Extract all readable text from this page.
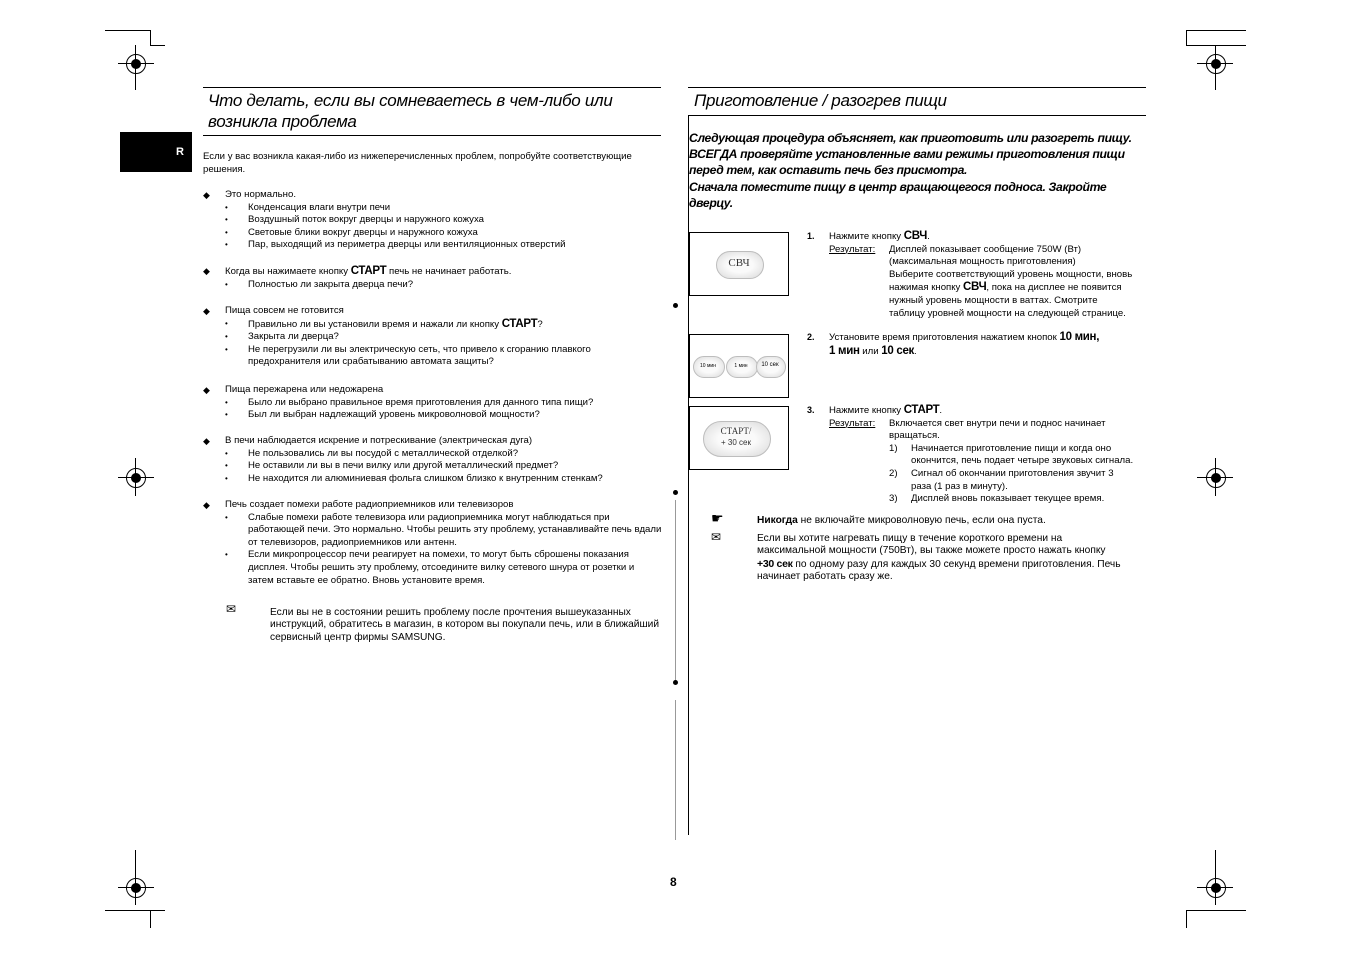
Что делать, если вы сомневаетесь в чем-либо или
возникла проблема
R Если у вас возникла какая-либо из нижеперечисленных проблем, попробуйте соответствующие решения.
◆ Это нормально.
• Конденсация влаги внутри печи
• Воздушный поток вокруг дверцы и наружного кожуха
• Световые блики вокруг дверцы и наружного кожуха
• Пар, выходящий из периметра дверцы или вентиляционных отверстий
◆ Когда вы нажимаете кнопку СТАРТ печь не начинает работать.
• Полностью ли закрыта дверца печи?
◆ Пища совсем не готовится
• Правильно ли вы установили время и нажали ли кнопку СТАРТ?
• Закрыта ли дверца?
• Не перегрузили ли вы электрическую сеть, что привело к сгоранию плавкого предохранителя или срабатыванию автомата защиты?
◆ Пища пережарена или недожарена
• Было ли выбрано правильное время приготовления для данного типа пищи?
• Был ли выбран надлежащий уровень микроволновой мощности?
◆ В печи наблюдается искрение и потрескивание (электрическая дуга)
• Не пользовались ли вы посудой с металлической отделкой?
• Не оставили ли вы в печи вилку или другой металлический предмет?
• Не находится ли алюминиевая фольга слишком близко к внутренним стенкам?
◆ Печь создает помехи работе радиоприемников или телевизоров
• Слабые помехи работе телевизора или радиоприемника могут наблюдаться при работающей печи. Это нормально. Чтобы решить эту проблему, устанавливайте печь вдали от телевизоров, радиоприемников или антенн.
• Если микропроцессор печи реагирует на помехи, то могут быть сброшены показания дисплея. Чтобы решить эту проблему, отсоедините вилку сетевого шнура от розетки и затем вставьте ее обратно. Вновь установите время.
✉	Если вы не в состоянии решить проблему после прочтения вышеуказанных инструкций, обратитесь в магазин, в котором вы покупали печь, или в ближайший сервисный центр фирмы SAMSUNG.
Приготовление / разогрев пищи
Следующая процедура объясняет, как приготовить или разогреть пищу. ВСЕГДА проверяйте установленные вами режимы приготовления пищи перед тем, как оставить печь без присмотра.
Сначала поместите пищу в центр вращающегося подноса. Закройте дверцу.
СВЧ
10 мин	1 мин	10 сек
СТАРТ/
+ 30 сек
1.	Нажмите кнопку СВЧ.
Результат: Дисплей показывает сообщение 750W (Вт)
(максимальная мощность приготовления)
Выберите соответствующий уровень мощности, вновь
нажимая кнопку СВЧ, пока на дисплее не появится
нужный уровень мощности в ваттах. Смотрите
таблицу уровней мощности на следующей странице.
2.	Установите время приготовления нажатием кнопок 10 мин,
1 мин или 10 сек.
3.	Нажмите кнопку СТАРТ.
Результат: Включается свет внутри печи и поднос начинает
вращаться.
1) Начинается приготовление пищи и когда оно
окончится, печь подает четыре звуковых сигнала.
2) Сигнал об окончании приготовления звучит 3
раза (1 раз в минуту).
3) Дисплей вновь показывает текущее время.
☛	Никогда не включайте микроволновую печь, если она пуста.
✉	Если вы хотите нагревать пищу в течение короткого времени на
максимальной мощности (750Вт), вы также можете просто нажать кнопку
+30 сек по одному разу для каждых 30 секунд времени приготовления. Печь
начинает работать сразу же.
8
